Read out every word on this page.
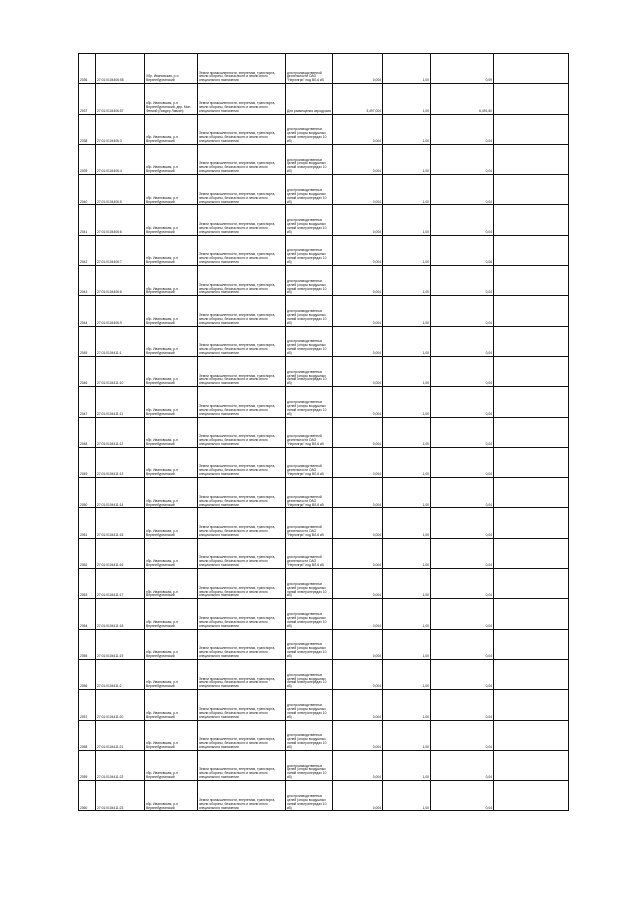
2036	27:01:0104406:58	Хбр. Ивановская, р-н Верхнебуреинский	Земли промышленности, энергетики, транспорта, земли обороны, безопасности и земли иного специального назначения	для производственной деятельности ОАО "Нерюнгри" под ВЛ-6 кВ	0,004	1,00	0,09	
2037	27:01:0104406:57	хбр. Ивановская, р-н Верхнебуреинский, дер. Мон-Фенкий (Ливдер Ливкин)	Земли промышленности, энергетики, транспорта, земли обороны, безопасности и земли иного специального назначения	Для размещения аэродрома	3,497,004	1,00	6,491,60	
2038	27:01:0104406:3	хбр. Ивановская, р-н Верхнебуреинский	Земли промышленности, энергетики, транспорта, земли обороны, безопасности и земли иного специального назначения	для производственных целей (опоры воздушных линий электропередач 10 кВ)	0,004	1,00	0,04	
2039	27:01:0104406:4	хбр. Ивановская, р-н Верхнебуреинский	Земли промышленности, энергетики, транспорта, земли обороны, безопасности и земли иного специального назначения	для производственных целей (опоры воздушных линий электропередач 10 кВ)	0,004	1,00	0,04	
2040	27:01:0104406:5	хбр. Ивановская, р-н Верхнебуреинский	Земли промышленности, энергетики, транспорта, земли обороны, безопасности и земли иного специального назначения	для производственных целей (опоры воздушных линий электропередач 10 кВ)	0,004	1,00	0,04	
2041	27:01:0104406:6	хбр. Ивановская, р-н Верхнебуреинский	Земли промышленности, энергетики, транспорта, земли обороны, безопасности и земли иного специального назначения	для производственных целей (опоры воздушных линий электропередач 10 кВ)	0,004	1,00	0,04	
2042	27:01:0104406:7	хбр. Ивановская, р-н Верхнебуреинский	Земли промышленности, энергетики, транспорта, земли обороны, безопасности и земли иного специального назначения	для производственных целей (опоры воздушных линий электропередач 10 кВ)	0,004	1,00	0,06	
2043	27:01:0104406:8	хбр. Ивановская, р-н Верхнебуреинский	Земли промышленности, энергетики, транспорта, земли обороны, безопасности и земли иного специального назначения	для производственных целей (опоры воздушных линий электропередач 10 кВ)	0,004	1,00	0,04	
2044	27:01:0104406:9	хбр. Ивановская, р-н Верхнебуреинский	Земли промышленности, энергетики, транспорта, земли обороны, безопасности и земли иного специального назначения	для производственных целей (опоры воздушных линий электропередач 10 кВ)	0,004	1,00	0,04	
2045	27:01:0104411:1	хбр. Ивановская, р-н Верхнебуреинский	Земли промышленности, энергетики, транспорта, земли обороны, безопасности и земли иного специального назначения	для производственных целей (опоры воздушных линий электропередач 10 кВ)	0,004	1,00	0,04	
2046	27:01:0104411:10	хбр. Ивановская, р-н Верхнебуреинский	Земли промышленности, энергетики, транспорта, земли обороны, безопасности и земли иного специального назначения	для производственных целей (опоры воздушных линий электропередач 10 кВ)	0,004	1,00	0,04	
2047	27:01:0104411:11	хбр. Ивановская, р-н Верхнебуреинский	Земли промышленности, энергетики, транспорта, земли обороны, безопасности и земли иного специального назначения	для производственных целей (опоры воздушных линий электропередач 10 кВ)	0,004	1,00	0,04	
2048	27:01:0104411:12	хбр. Ивановская, р-н Верхнебуреинский	Земли промышленности, энергетики, транспорта, земли обороны, безопасности и земли иного специального назначения	для производственной деятельности ОАО "Нерюнгри" под ВЛ-6 кВ	0,004	1,00	0,04	
2049	27:01:0104411:13	хбр. Ивановская, р-н Верхнебуреинский	Земли промышленности, энергетики, транспорта, земли обороны, безопасности и земли иного специального назначения	для производственной деятельности ОАО "Нерюнгри" под ВЛ-6 кВ	0,004	1,00	0,04	
2050	27:01:0104411:14	хбр. Ивановская, р-н Верхнебуреинский	Земли промышленности, энергетики, транспорта, земли обороны, безопасности и земли иного специального назначения	для производственной деятельности ОАО "Нерюнгри" под ВЛ-6 кВ	0,004	1,00	0,04	
2051	27:01:0104411:15	хбр. Ивановская, р-н Верхнебуреинский	Земли промышленности, энергетики, транспорта, земли обороны, безопасности и земли иного специального назначения	для производственной деятельности ОАО "Нерюнгри" под ВЛ-6 кВ	0,004	1,00	0,04	
2052	27:01:0104411:16	хбр. Ивановская, р-н Верхнебуреинский	Земли промышленности, энергетики, транспорта, земли обороны, безопасности и земли иного специального назначения	для производственной деятельности ОАО "Нерюнгри" под ВЛ-6 кВ	0,004	1,00	0,04	
2053	27:01:0104411:17	хбр. Ивановская, р-н Верхнебуреинский	Земли промышленности, энергетики, транспорта, земли обороны, безопасности и земли иного специального назначения	для производственных целей (опоры воздушных линий электропередач 10 кВ)	0,004	1,00	0,04	
2054	27:01:0104411:18	хбр. Ивановская, р-н Верхнебуреинский	Земли промышленности, энергетики, транспорта, земли обороны, безопасности и земли иного специального назначения	для производственных целей (опоры воздушных линий электропередач 10 кВ)	0,004	1,00	0,04	
2055	27:01:0104411:19	хбр. Ивановская, р-н Верхнебуреинский	Земли промышленности, энергетики, транспорта, земли обороны, безопасности и земли иного специального назначения	для производственных целей (опоры воздушных линий электропередач 10 кВ)	0,004	1,00	0,04	
2056	27:01:0104411:2	хбр. Ивановская, р-н Верхнебуреинский	Земли промышленности, энергетики, транспорта, земли обороны, безопасности и земли иного специального назначения	для производственных целей (опоры воздушных линий электропередач 10 кВ)	0,004	1,00	0,04	
2057	27:01:0104411:20	хбр. Ивановская, р-н Верхнебуреинский	Земли промышленности, энергетики, транспорта, земли обороны, безопасности и земли иного специального назначения	для производственных целей (опоры воздушных линий электропередач 10 кВ)	0,004	1,00	0,04	
2058	27:01:0104411:21	хбр. Ивановская, р-н Верхнебуреинский	Земли промышленности, энергетики, транспорта, земли обороны, безопасности и земли иного специального назначения	для производственных целей (опоры воздушных линий электропередач 10 кВ)	0,004	1,00	0,04	
2059	27:01:0104411:22	хбр. Ивановская, р-н Верхнебуреинский	Земли промышленности, энергетики, транспорта, земли обороны, безопасности и земли иного специального назначения	для производственных целей (опоры воздушных линий электропередач 10 кВ)	0,004	1,00	0,04	
2060	27:01:0104411:23	хбр. Ивановская, р-н Верхнебуреинский	Земли промышленности, энергетики, транспорта, земли обороны, безопасности и земли иного специального назначения	для производственных целей (опоры воздушных линий электропередач 10 кВ)	0,004	1,00	0,04	
